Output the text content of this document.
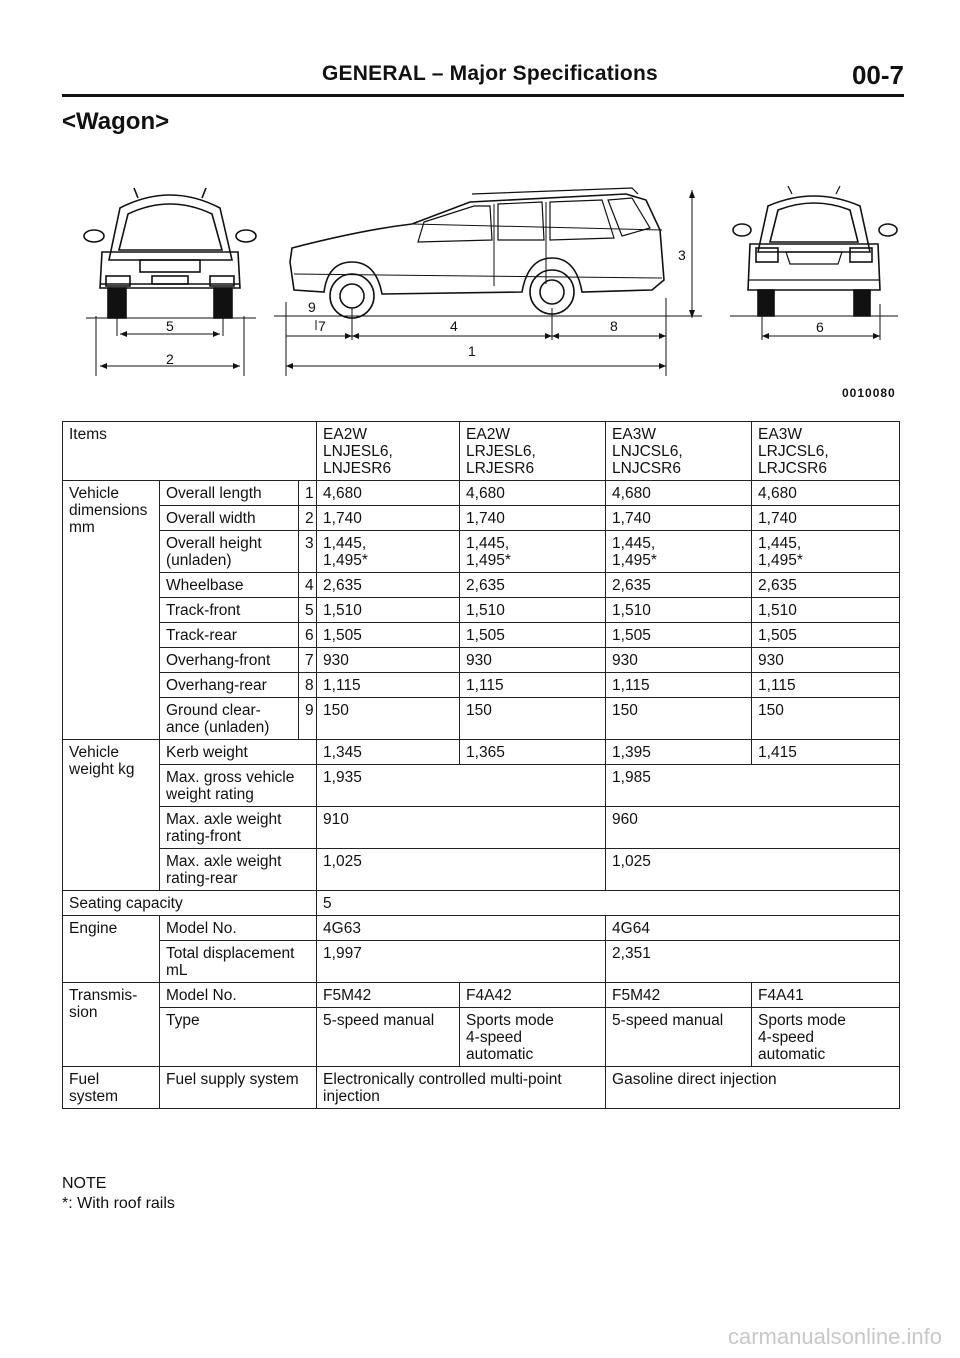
GENERAL – Major Specifications	00-7
<Wagon>
5
2
9
7	4	8
1
3
6
0010080
Items			EA2W
LNJESL6,
LNJESR6	EA2W
LRJESL6,
LRJESR6	EA3W
LNJCSL6,
LNJCSR6	EA3W
LRJCSL6,
LRJCSR6
Vehicle
dimensions
mm	Overall length	1	4,680	4,680	4,680	4,680
	Overall width	2	1,740	1,740	1,740	1,740
	Overall height
(unladen)	3	1,445,
1,495*	1,445,
1,495*	1,445,
1,495*	1,445,
1,495*
	Wheelbase	4	2,635	2,635	2,635	2,635
	Track-front	5	1,510	1,510	1,510	1,510
	Track-rear	6	1,505	1,505	1,505	1,505
	Overhang-front	7	930	930	930	930
	Overhang-rear	8	1,115	1,115	1,115	1,115
	Ground clear-
ance (unladen)	9	150	150	150	150
Vehicle
weight kg	Kerb weight		1,345	1,365	1,395	1,415
	Max. gross vehicle
weight rating		1,935		1,985	
	Max. axle weight
rating-front		910		960	
	Max. axle weight
rating-rear		1,025		1,025	
Seating capacity			5			
Engine	Model No.		4G63		4G64	
	Total displacement
mL		1,997		2,351	
Transmis-
sion	Model No.		F5M42	F4A42	F5M42	F4A41
	Type		5-speed manual	Sports mode
4-speed
automatic	5-speed manual	Sports mode
4-speed
automatic
Fuel
system	Fuel supply system		Electronically controlled multi-point
injection		Gasoline direct injection	
NOTE
*: With roof rails
carmanualsonline.info
